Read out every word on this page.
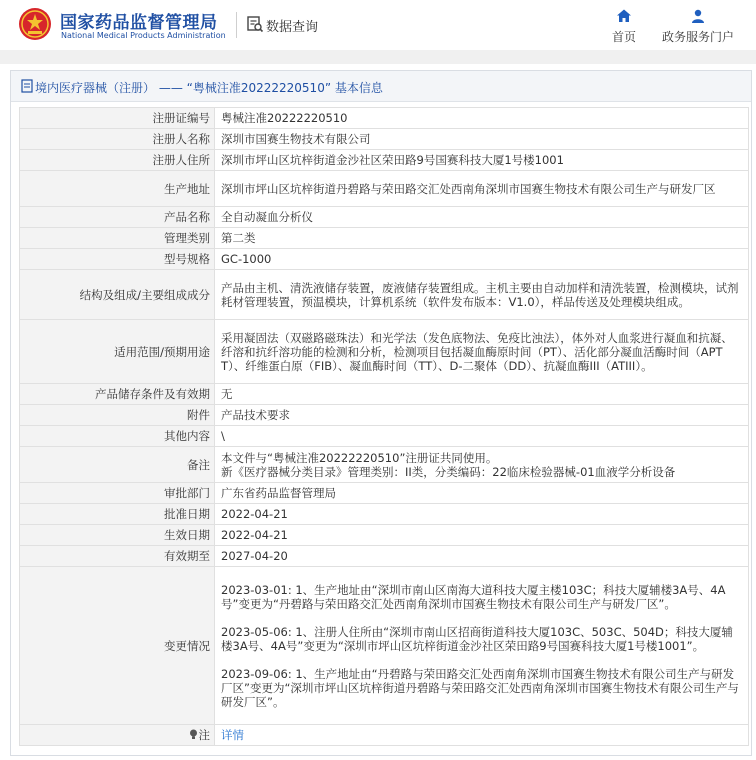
国家药品监督管理局
National Medical Products Administration
数据查询
首页	政务服务门户
境内医疗器械（注册） —— “粤械注准20222220510” 基本信息
注册证编号	粤械注准20222220510
注册人名称	深圳市国赛生物技术有限公司
注册人住所	深圳市坪山区坑梓街道金沙社区荣田路9号国赛科技大厦1号楼1001
生产地址	深圳市坪山区坑梓街道丹碧路与荣田路交汇处西南角深圳市国赛生物技术有限公司生产与研发厂区
产品名称	全自动凝血分析仪
管理类别	第二类
型号规格	GC-1000
结构及组成/主要组成成分	产品由主机、清洗液储存装置，废液储存装置组成。主机主要由自动加样和清洗装置，检测模块，试剂耗材管理装置，预温模块，计算机系统（软件发布版本：V1.0），样品传送及处理模块组成。
适用范围/预期用途	采用凝固法（双磁路磁珠法）和光学法（发色底物法、免疫比浊法），体外对人血浆进行凝血和抗凝、纤溶和抗纤溶功能的检测和分析，检测项目包括凝血酶原时间（PT）、活化部分凝血活酶时间（APTT）、纤维蛋白原（FIB）、凝血酶时间（TT）、D-二聚体（DD）、抗凝血酶III（ATIII）。
产品储存条件及有效期	无
附件	产品技术要求
其他内容	\
备注	本文件与“粤械注准20222220510”注册证共同使用。
新《医疗器械分类目录》管理类别：II类，分类编码：22临床检验器械-01血液学分析设备

审批部门	广东省药品监督管理局
批准日期	2022-04-21
生效日期	2022-04-21
有效期至	2027-04-20
变更情况	2023-03-01: 1、生产地址由“深圳市南山区南海大道科技大厦主楼103C；科技大厦辅楼3A号、4A号”变更为“丹碧路与荣田路交汇处西南角深圳市国赛生物技术有限公司生产与研发厂区”。
2023-05-06: 1、注册人住所由“深圳市南山区招商街道科技大厦103C、503C、504D；科技大厦辅楼3A号、4A号”变更为“深圳市坪山区坑梓街道金沙社区荣田路9号国赛科技大厦1号楼1001”。
2023-09-06: 1、生产地址由“丹碧路与荣田路交汇处西南角深圳市国赛生物技术有限公司生产与研发厂区”变更为“深圳市坪山区坑梓街道丹碧路与荣田路交汇处西南角深圳市国赛生物技术有限公司生产与研发厂区”。

注	详情
